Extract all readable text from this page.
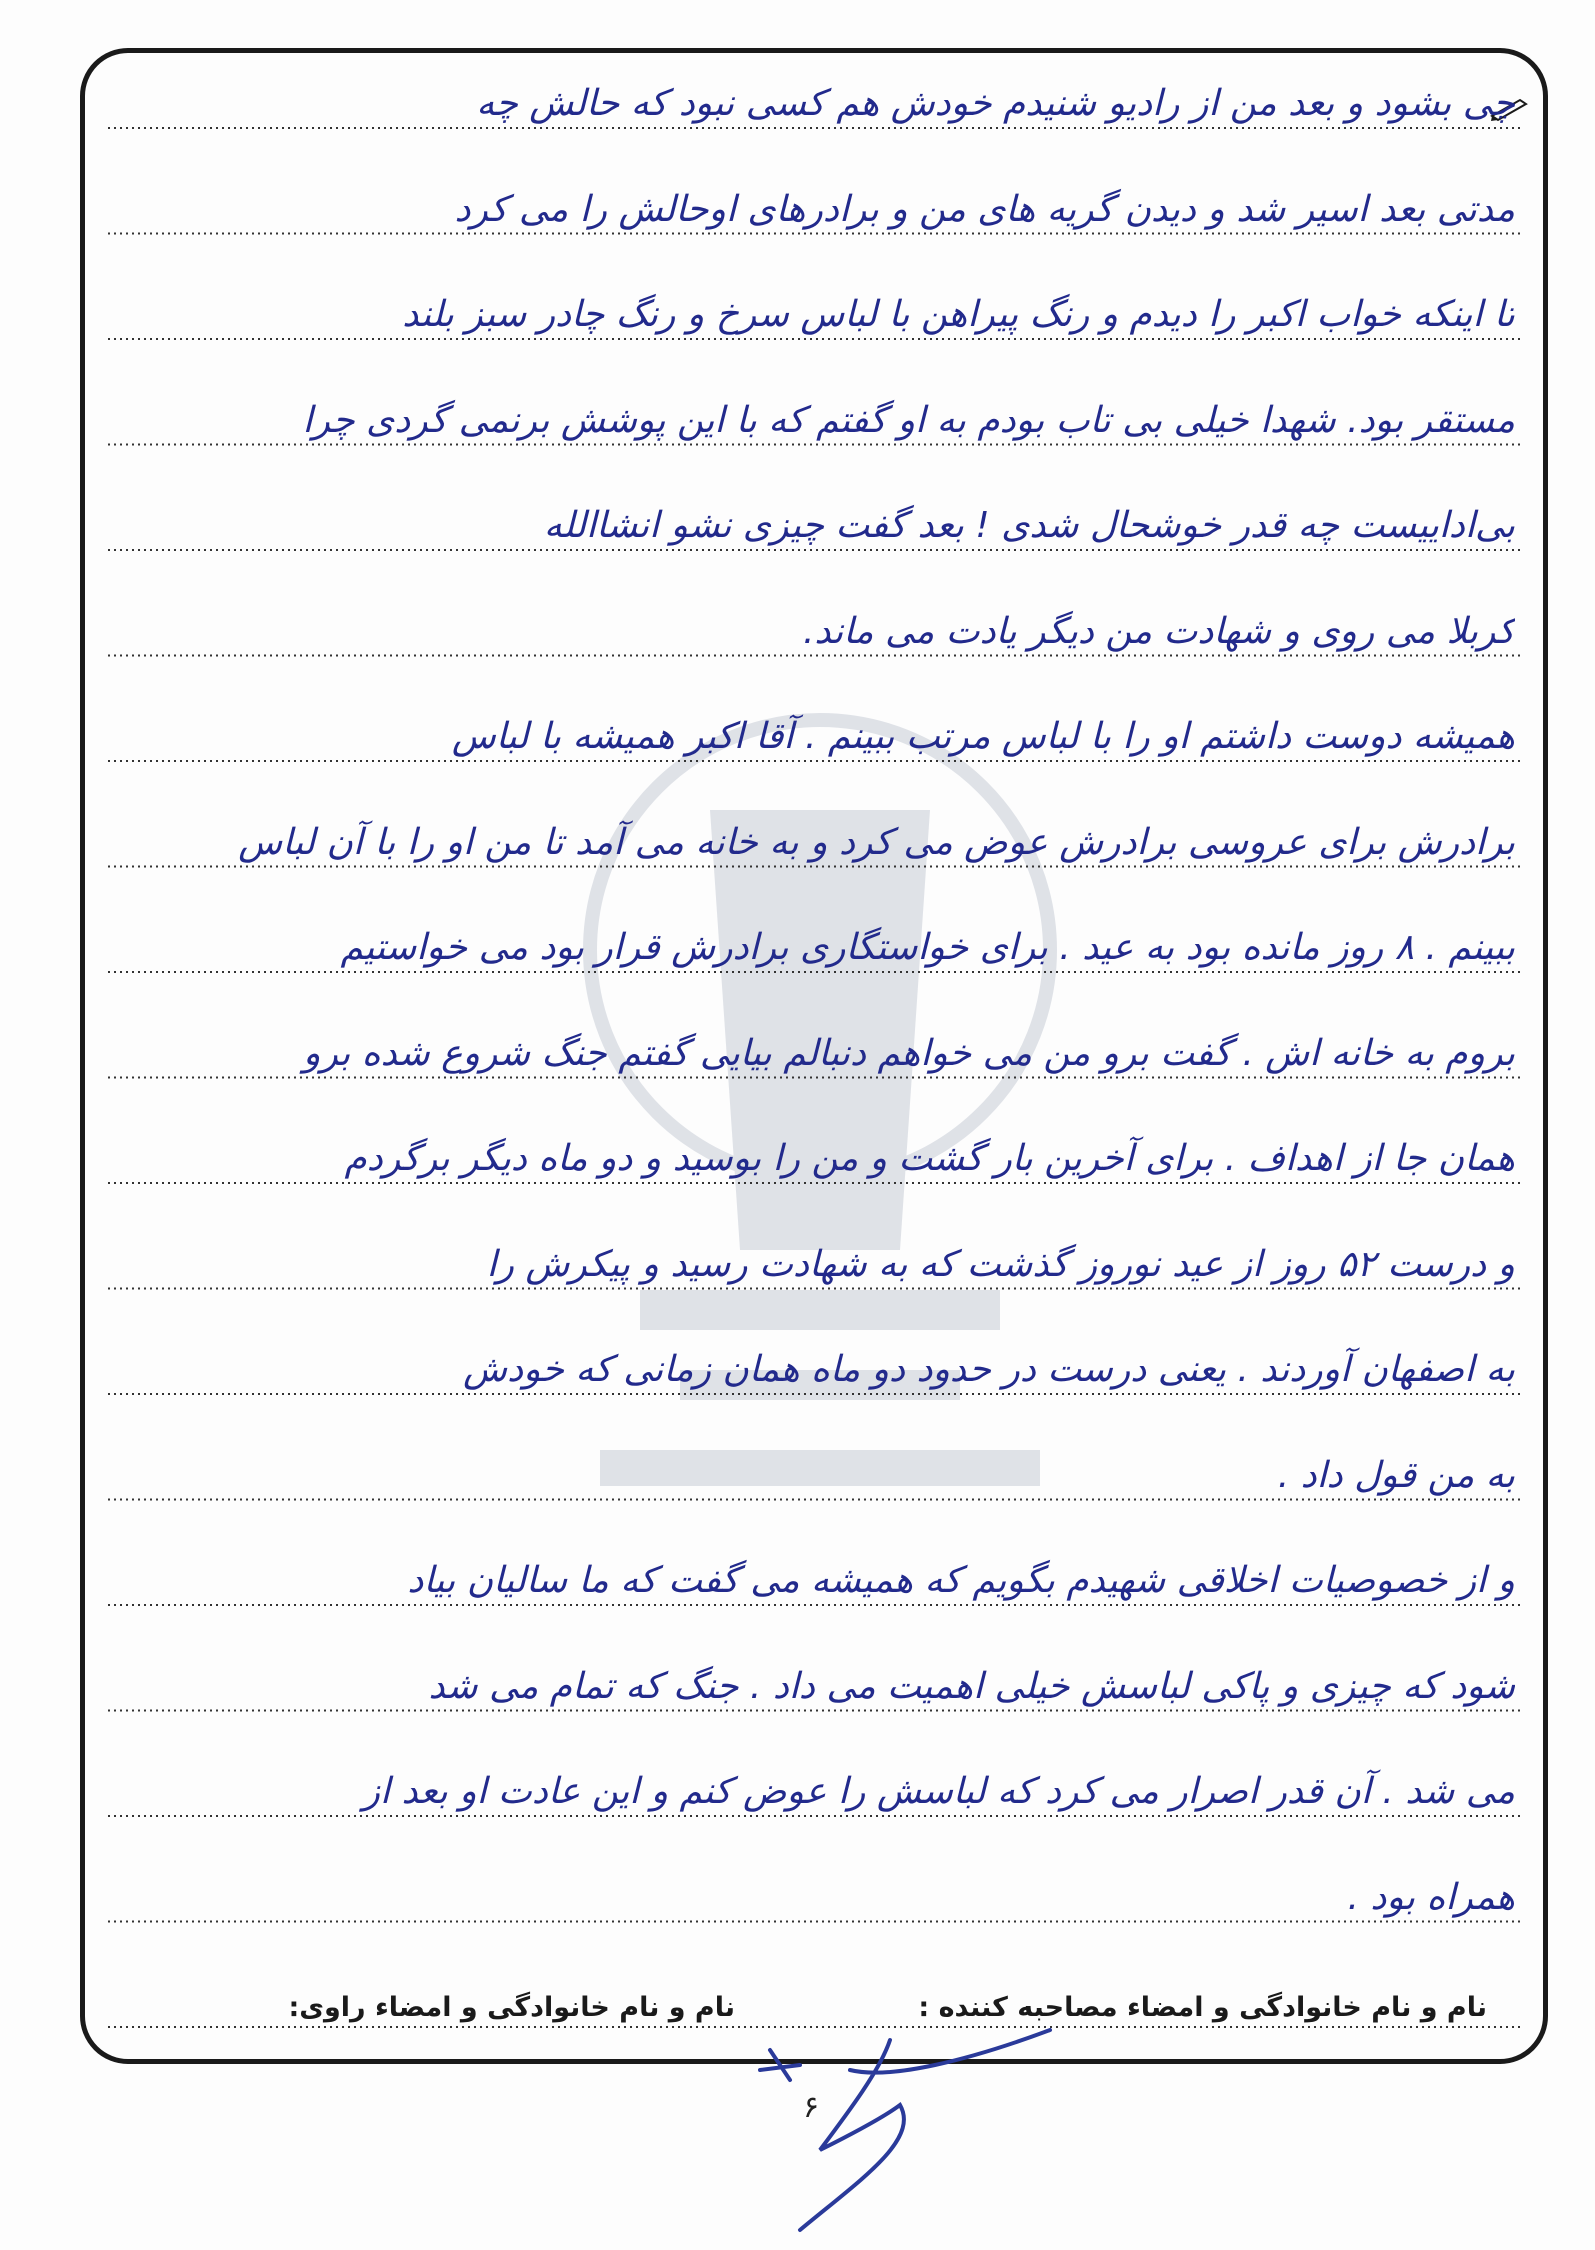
چی بشود و بعد من از رادیو شنیدم خودش هم کسی نبود که حالش چه
مدتی بعد اسیر شد و دیدن گریه های من و برادرهای اوحالش را می کرد
تا اینکه خواب اکبر را دیدم و رنگ پیراهن با لباس سرخ و رنگ چادر سبز بلند
مستقر بود. شهدا خیلی بی تاب بودم به او گفتم که با این پوشش برنمی گردی چرا
بی‌اداییست چه قدر خوشحال شدی ! بعد گفت چیزی نشو انشاالله
کربلا می روی و شهادت من دیگر یادت می ماند.
همیشه دوست داشتم او را با لباس مرتب ببینم . آقا اکبر همیشه با لباس
برادرش برای عروسی برادرش عوض می کرد و به خانه می آمد تا من او را با آن لباس
ببینم . ۸ روز مانده بود به عید . برای خواستگاری برادرش قرار بود می خواستیم
بروم به خانه اش . گفت برو من می خواهم دنبالم بیایی گفتم جنگ شروع شده برو
همان جا از اهداف . برای آخرین بار گشت و من را بوسید و دو ماه دیگر برگردم
و درست ۵۲ روز از عید نوروز گذشت که به شهادت رسید و پیکرش را
به اصفهان آوردند . یعنی درست در حدود دو ماه همان زمانی که خودش
به من قول داد .
و از خصوصیات اخلاقی شهیدم بگویم که همیشه می گفت که ما سالیان بیاد
شود که چیزی و پاکی لباسش خیلی اهمیت می داد . جنگ که تمام می شد
می شد . آن قدر اصرار می کرد که لباسش را عوض کنم و این عادت او بعد از
همراه بود .
نام و نام خانوادگی و امضاء مصاحبه کننده :
نام و نام خانوادگی و امضاء راوی:
۶
